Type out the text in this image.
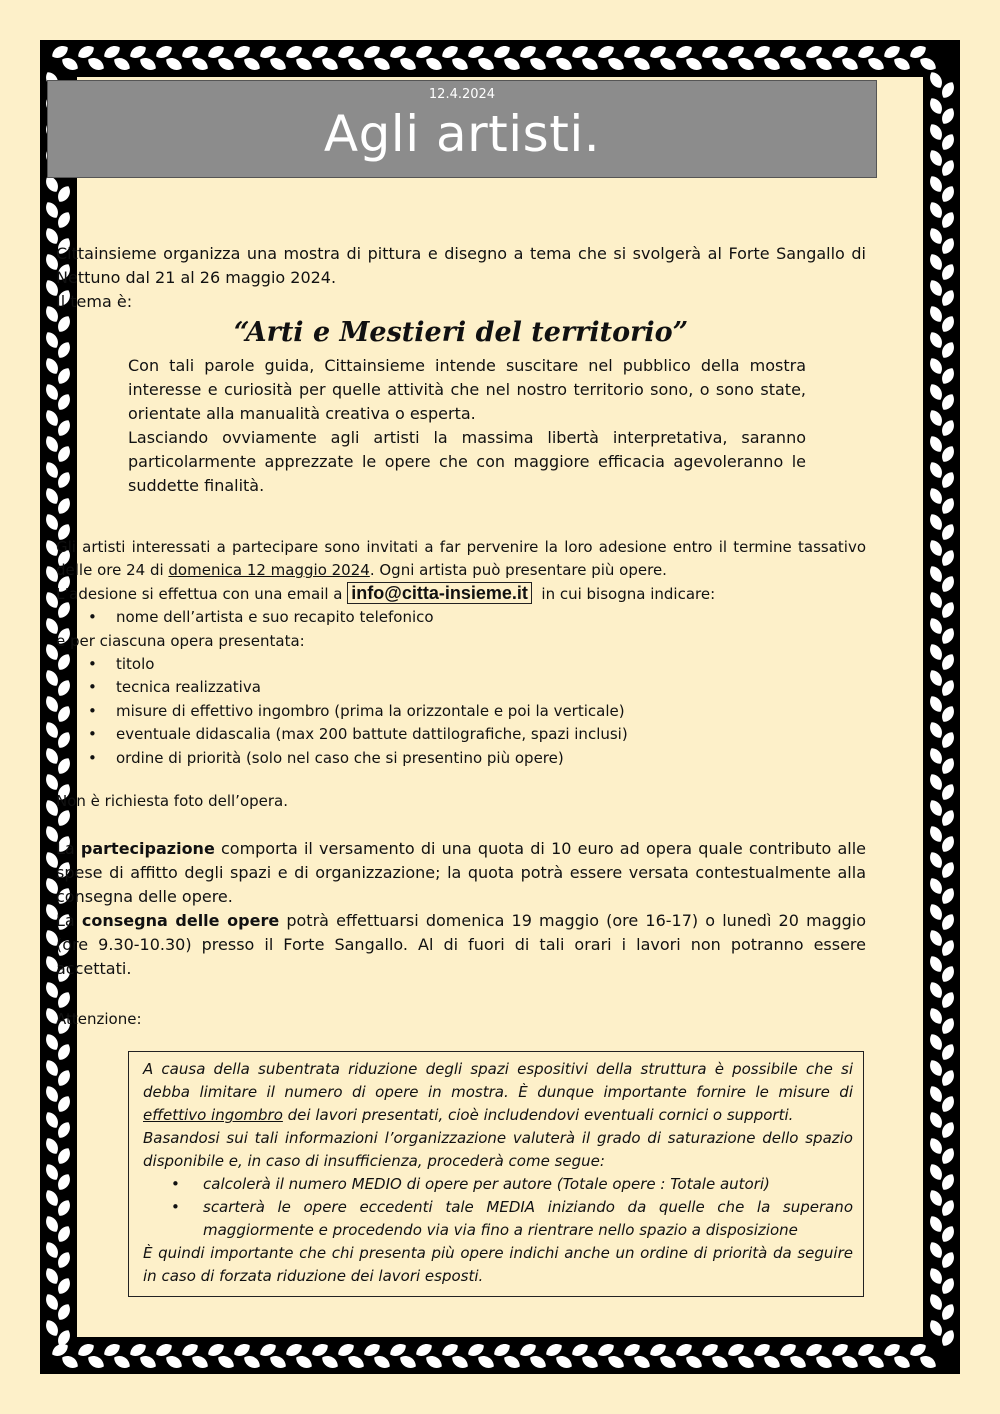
12.4.2024
Agli artisti.

Cittainsieme organizza una mostra di pittura e disegno a tema che si svolgerà al Forte Sangallo di Nettuno dal 21 al 26 maggio 2024.

Il tema è:

“Arti e Mestieri del territorio”

Con tali parole guida, Cittainsieme intende suscitare nel pubblico della mostra interesse e curiosità per quelle attività che nel nostro territorio sono, o sono state, orientate alla manualità creativa o esperta.

Lasciando ovviamente agli artisti la massima libertà interpretativa, saranno particolarmente apprezzate le opere che con maggiore efficacia agevoleranno le suddette finalità.

Gli artisti interessati a partecipare sono invitati a far pervenire la loro adesione entro il termine tassativo delle ore 24 di domenica 12 maggio 2024. Ogni artista può presentare più opere.

L’adesione si effettua con una email a info@citta-insieme.it in cui bisogna indicare:

• nome dell’artista e suo recapito telefonico

e per ciascuna opera presentata:

• titolo
• tecnica realizzativa
• misure di effettivo ingombro (prima la orizzontale e poi la verticale)
• eventuale didascalia (max 200 battute dattilografiche, spazi inclusi)
• ordine di priorità (solo nel caso che si presentino più opere)

Non è richiesta foto dell’opera.

La partecipazione comporta il versamento di una quota di 10 euro ad opera quale contributo alle spese di affitto degli spazi e di organizzazione; la quota potrà essere versata contestualmente alla consegna delle opere.

La consegna delle opere potrà effettuarsi domenica 19 maggio (ore 16-17) o lunedì 20 maggio (ore 9.30-10.30) presso il Forte Sangallo. Al di fuori di tali orari i lavori non potranno essere accettati.

Attenzione:

A causa della subentrata riduzione degli spazi espositivi della struttura è possibile che si debba limitare il numero di opere in mostra. È dunque importante fornire le misure di effettivo ingombro dei lavori presentati, cioè includendovi eventuali cornici o supporti.
Basandosi sui tali informazioni l’organizzazione valuterà il grado di saturazione dello spazio disponibile e, in caso di insufficienza, procederà come segue:
• calcolerà il numero MEDIO di opere per autore (Totale opere : Totale autori)
• scarterà le opere eccedenti tale MEDIA iniziando da quelle che la superano maggiormente e procedendo via via fino a rientrare nello spazio a disposizione
È quindi importante che chi presenta più opere indichi anche un ordine di priorità da seguire in caso di forzata riduzione dei lavori esposti.
